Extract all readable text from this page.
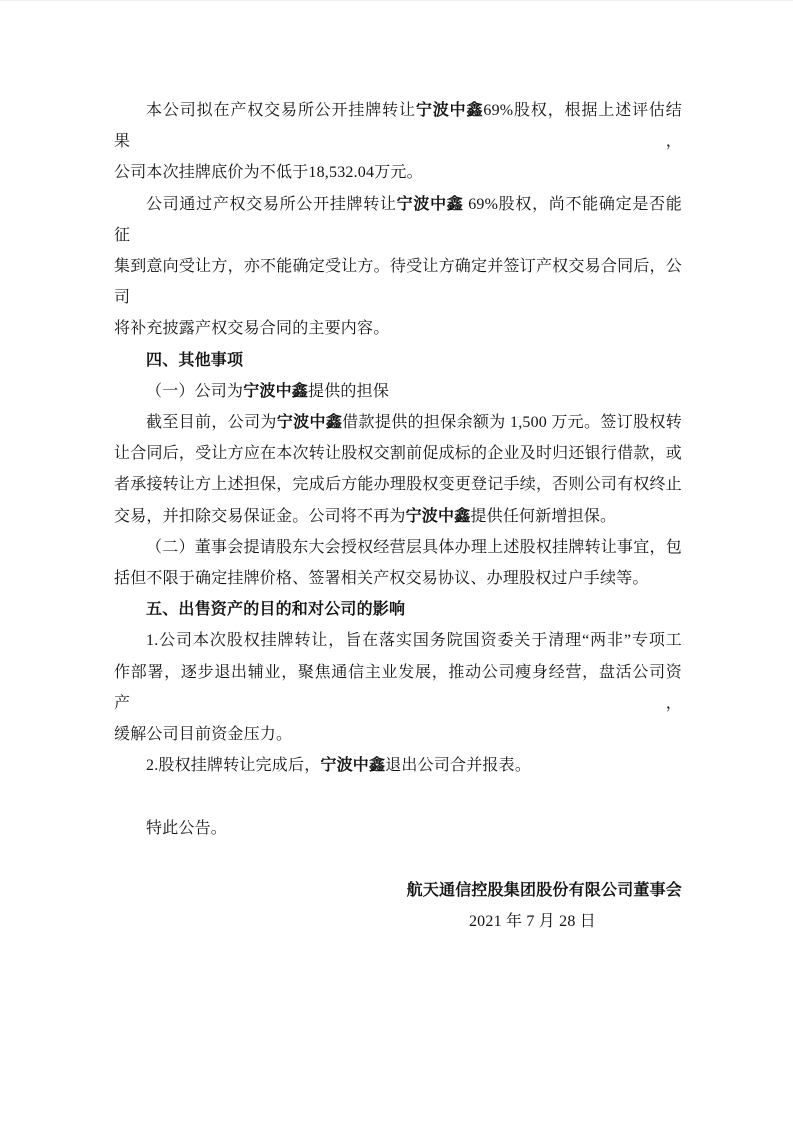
本公司拟在产权交易所公开挂牌转让宁波中鑫69%股权，根据上述评估结果，
公司本次挂牌底价为不低于18,532.04万元。
公司通过产权交易所公开挂牌转让宁波中鑫 69%股权，尚不能确定是否能征
集到意向受让方，亦不能确定受让方。待受让方确定并签订产权交易合同后，公司
将补充披露产权交易合同的主要内容。
四、其他事项
（一）公司为宁波中鑫提供的担保
截至目前，公司为宁波中鑫借款提供的担保余额为 1,500 万元。签订股权转
让合同后，受让方应在本次转让股权交割前促成标的企业及时归还银行借款，或
者承接转让方上述担保，完成后方能办理股权变更登记手续，否则公司有权终止
交易，并扣除交易保证金。公司将不再为宁波中鑫提供任何新增担保。
（二）董事会提请股东大会授权经营层具体办理上述股权挂牌转让事宜，包
括但不限于确定挂牌价格、签署相关产权交易协议、办理股权过户手续等。
五、出售资产的目的和对公司的影响
1.公司本次股权挂牌转让，旨在落实国务院国资委关于清理“两非”专项工
作部署，逐步退出辅业，聚焦通信主业发展，推动公司瘦身经营，盘活公司资产，
缓解公司目前资金压力。
2.股权挂牌转让完成后，宁波中鑫退出公司合并报表。
特此公告。
航天通信控股集团股份有限公司董事会
2021 年 7 月 28 日
